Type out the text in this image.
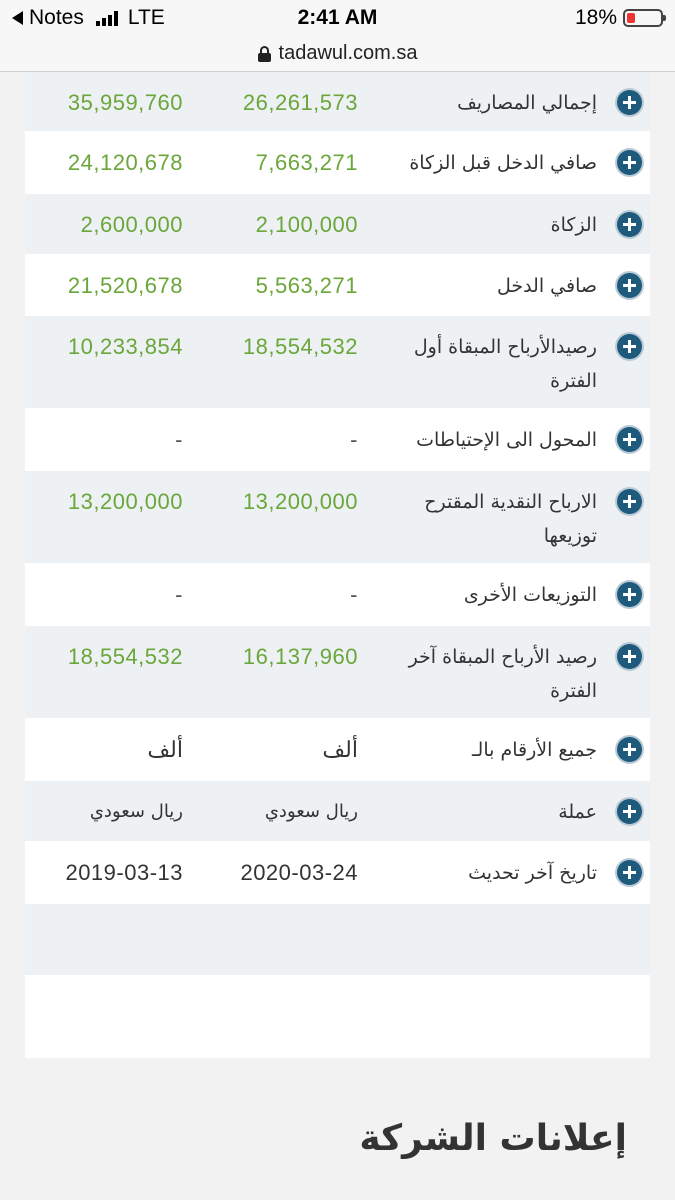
Notes LTE	2:41 AM	18%
tadawul.com.sa
إجمالي المصاريف
26,261,573
35,959,760
صافي الدخل قبل الزكاة
7,663,271
24,120,678
الزكاة
2,100,000
2,600,000
صافي الدخل
5,563,271
21,520,678
رصيدالأرباح المبقاة أول الفترة
18,554,532
10,233,854
المحول الى الإحتياطات
-
-
الارباح النقدية المقترح توزيعها
13,200,000
13,200,000
التوزيعات الأخرى
-
-
رصيد الأرباح المبقاة آخر الفترة
16,137,960
18,554,532
جميع الأرقام بالـ
ألف
ألف
عملة
ريال سعودي
ريال سعودي
تاريخ آخر تحديث
2020-03-24
2019-03-13
إعلانات الشركة
